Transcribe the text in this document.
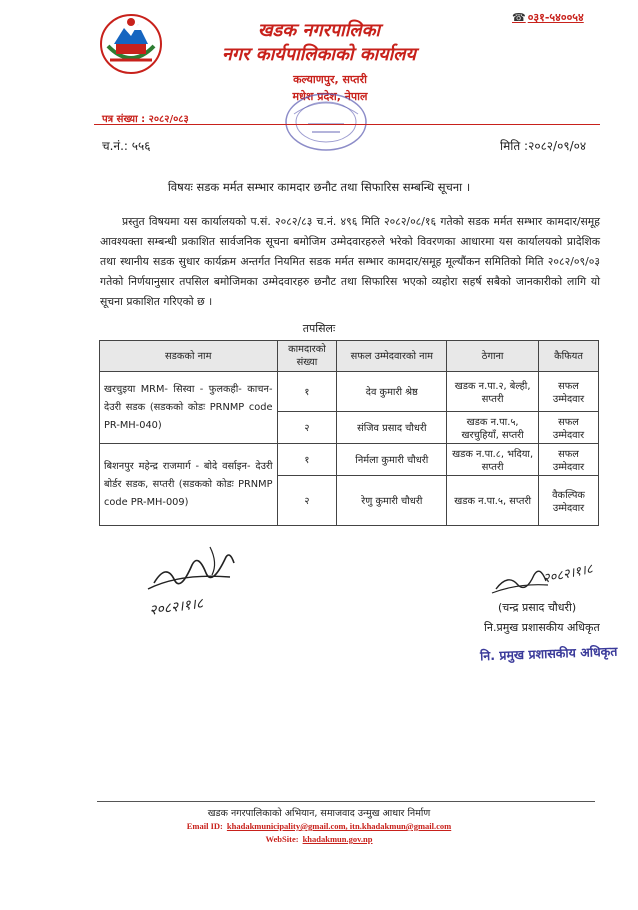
☎ ०३१-५४००५४
खडक नगरपालिका
नगर कार्यपालिकाको कार्यालय
कल्याणपुर, सप्तरी
मधेश प्रदेश, नेपाल
पत्र संख्या : २०८२/०८३
च.नं.: ५५६	मिति :२०८२/०९/०४
विषयः सडक मर्मत सम्भार कामदार छनौट तथा सिफारिस सम्बन्धि सूचना ।
प्रस्तुत विषयमा यस कार्यालयको प.सं. २०८२/८३ च.नं. ४९६ मिति २०८२/०८/१६ गतेको सडक मर्मत सम्भार कामदार/समूह आवश्यक्ता सम्बन्धी प्रकाशित सार्वजनिक सूचना बमोजिम उम्मेदवारहरुले भरेको विवरणका आधारमा यस कार्यालयको प्रादेशिक तथा स्थानीय सडक सुधार कार्यक्रम अन्तर्गत नियमित सडक मर्मत सम्भार कामदार/समूह मूल्यौंकन समितिको मिति २०८२/०९/०३ गतेको निर्णयानुसार तपसिल बमोजिमका उम्मेदवारहरु छनौट तथा सिफारिस भएको व्यहोरा सहर्ष सबैको जानकारीको लागि यो सूचना प्रकाशित गरिएको छ ।
तपसिलः
सडकको नाम	कामदारको संख्या	सफल उम्मेदवारको नाम	ठेगाना	कैफियत
खरचुइया MRM- सिस्वा - फुलकही- काचन-देउरी सडक (सडकको कोडः PRNMP code PR-MH-040)	१	देव कुमारी श्रेष्ठ	खडक न.पा.२, बेल्ही, सप्तरी	सफल उम्मेदवार
	२	संजिव प्रसाद चौधरी	खडक न.पा.५, खरचुहियाँ, सप्तरी	सफल उम्मेदवार
बिशनपुर महेन्द्र राजमार्ग - बोदे वर्साइन- देउरी बोर्डर सडक, सप्तरी (सडकको कोडः PRNMP code PR-MH-009)	१	निर्मला कुमारी चौधरी	खडक न.पा.८, भदिया, सप्तरी	सफल उम्मेदवार
	२	रेणु कुमारी चौधरी	खडक न.पा.५, सप्तरी	वैकल्पिक उम्मेदवार
२०८२।१।८
२०८२।१।८
(चन्द्र प्रसाद चौधरी)
नि.प्रमुख प्रशासकीय अधिकृत
नि. प्रमुख प्रशासकीय अधिकृत
खडक नगरपालिकाको अभियान, समाजवाद उन्मुख आधार निर्माण
Email ID: khadakmunicipality@gmail.com, itn.khadakmun@gmail.com
WebSite: khadakmun.gov.np
